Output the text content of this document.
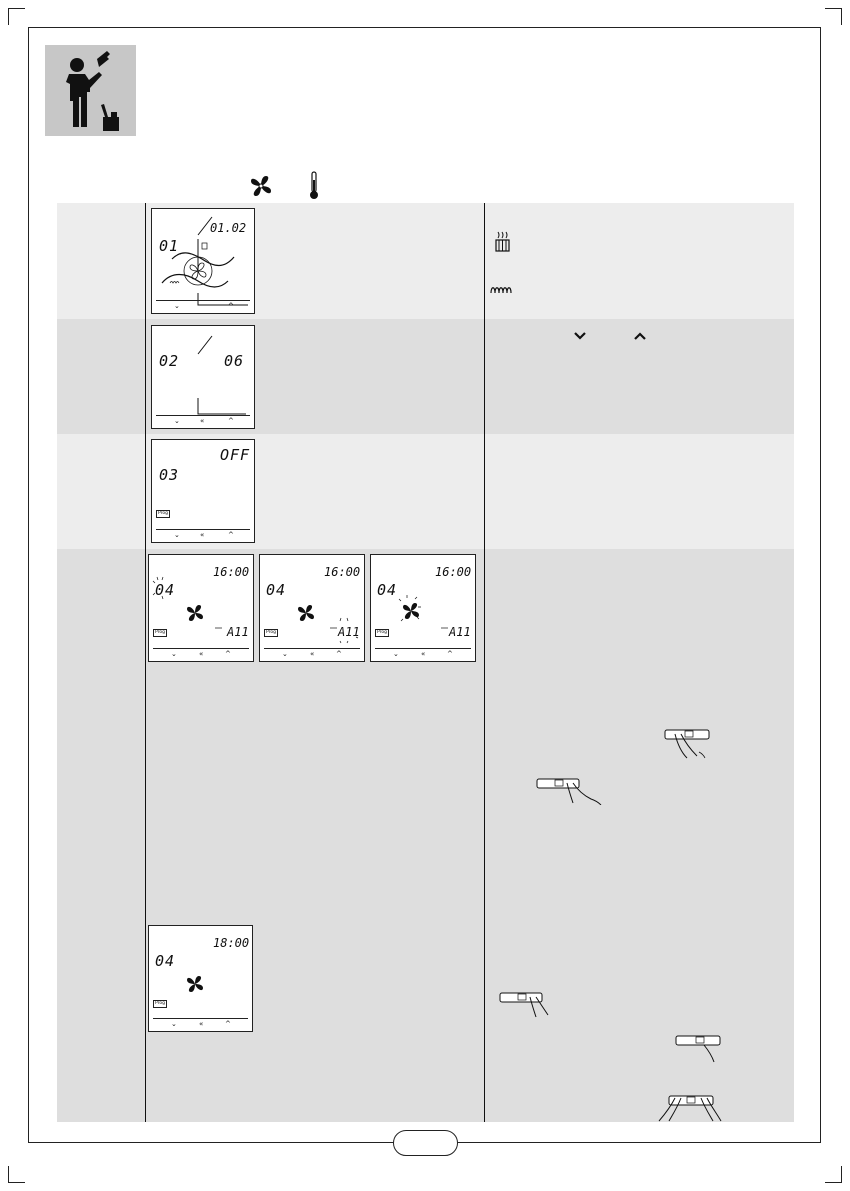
01
01.02
⌄	^
02	06
⌄	«	^
03
OFF
Prog
⌄	«	^
04
16:00
A11
Prog
⌄	«	^
04
16:00
A11
Prog
⌄	«	^
04
16:00
A11
Prog
⌄	«	^
04
18:00
Prog
⌄	«	^
